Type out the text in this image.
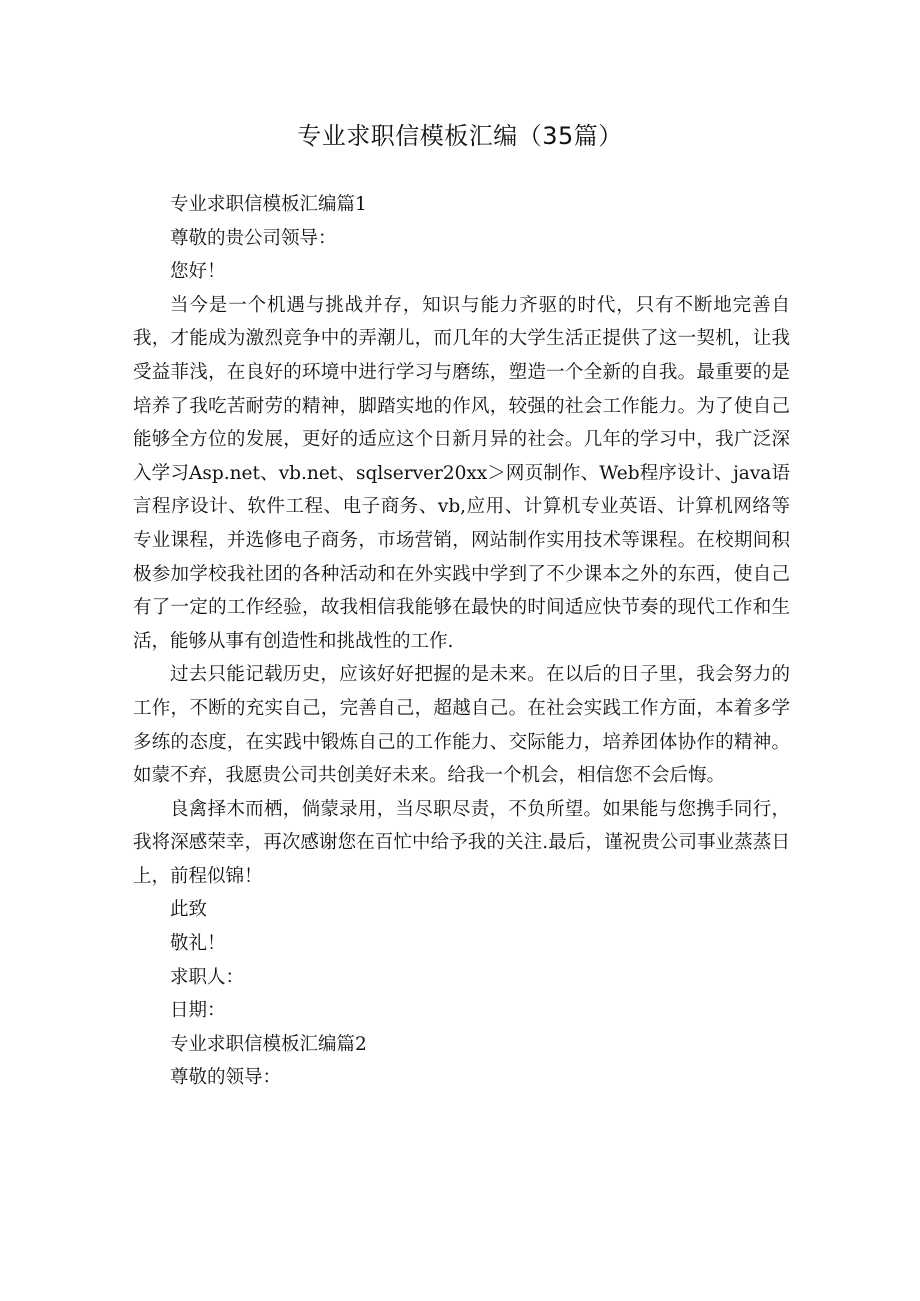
专业求职信模板汇编（35篇）

专业求职信模板汇编篇1

尊敬的贵公司领导：

您好！

当今是一个机遇与挑战并存，知识与能力齐驱的时代，只有不断地完善自我，才能成为激烈竞争中的弄潮儿，而几年的大学生活正提供了这一契机，让我受益菲浅，在良好的环境中进行学习与磨练，塑造一个全新的自我。最重要的是培养了我吃苦耐劳的精神，脚踏实地的作风，较强的社会工作能力。为了使自己能够全方位的发展，更好的适应这个日新月异的社会。几年的学习中，我广泛深入学习Asp.net、vb.net、sqlserver20xx＞网页制作、Web程序设计、java语言程序设计、软件工程、电子商务、vb,应用、计算机专业英语、计算机网络等专业课程，并选修电子商务，市场营销，网站制作实用技术等课程。在校期间积极参加学校我社团的各种活动和在外实践中学到了不少课本之外的东西，使自己有了一定的工作经验，故我相信我能够在最快的时间适应快节奏的现代工作和生活，能够从事有创造性和挑战性的工作.

过去只能记载历史，应该好好把握的是未来。在以后的日子里，我会努力的工作，不断的充实自己，完善自己，超越自己。在社会实践工作方面，本着多学多练的态度，在实践中锻炼自己的工作能力、交际能力，培养团体协作的精神。如蒙不弃，我愿贵公司共创美好未来。给我一个机会，相信您不会后悔。

良禽择木而栖，倘蒙录用，当尽职尽责，不负所望。如果能与您携手同行，我将深感荣幸，再次感谢您在百忙中给予我的关注.最后，谨祝贵公司事业蒸蒸日上，前程似锦！

此致

敬礼！

求职人：

日期：

专业求职信模板汇编篇2

尊敬的领导：
